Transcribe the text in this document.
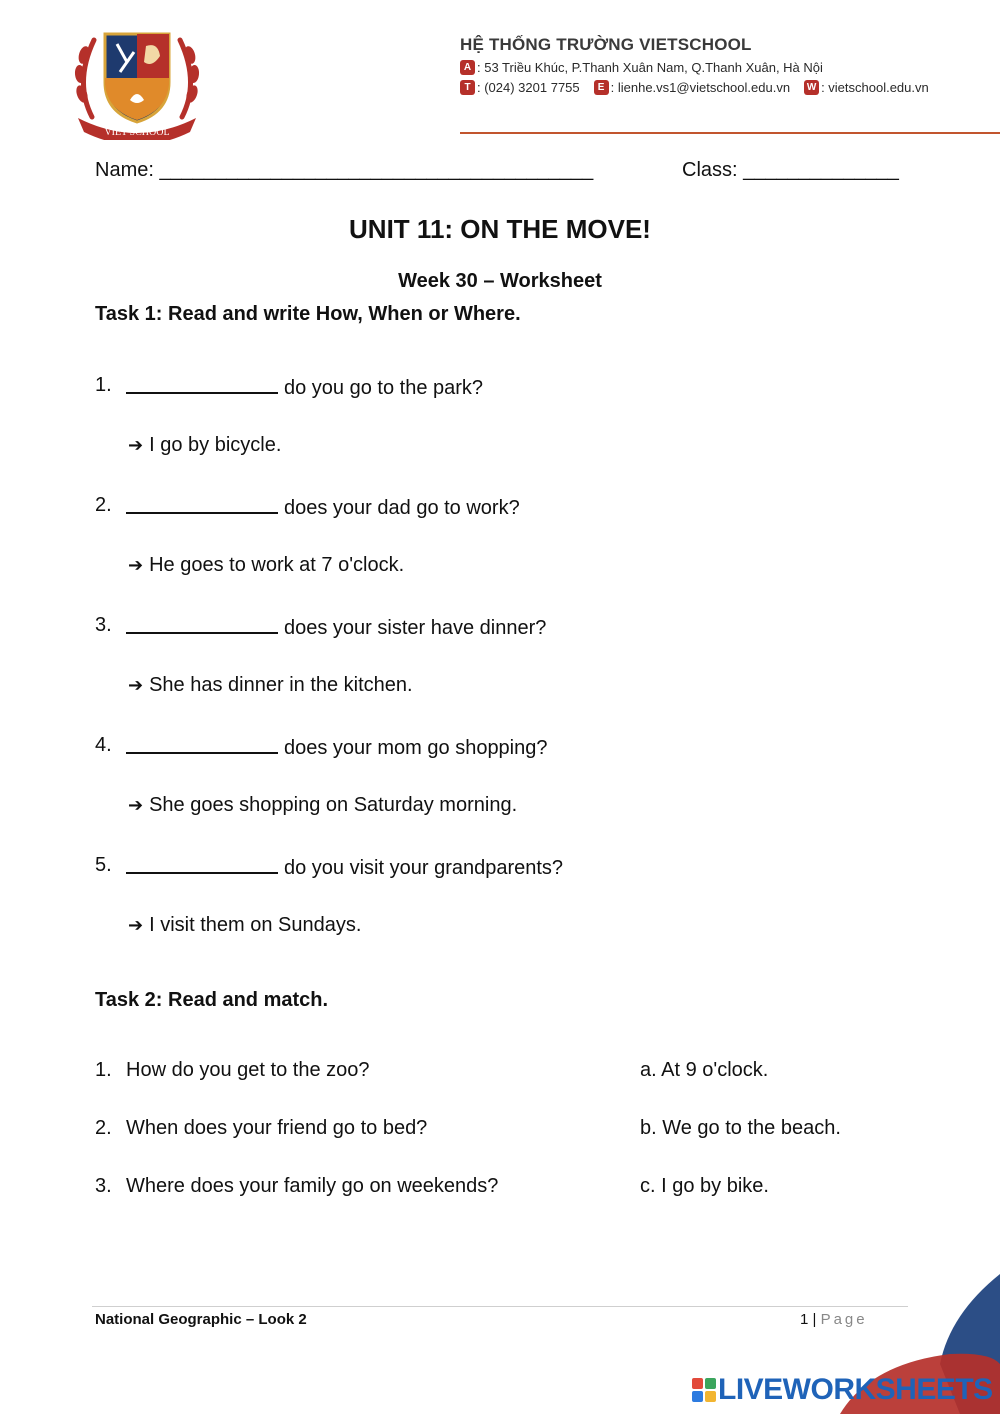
VIET SCHOOL
HỆ THỐNG TRƯỜNG VIETSCHOOL
A : 53 Triều Khúc, P.Thanh Xuân Nam, Q.Thanh Xuân, Hà Nội
T : (024) 3201 7755	E : lienhe.vs1@vietschool.edu.vn W : vietschool.edu.vn
Name: _______________________________________	Class: ______________
UNIT 11: ON THE MOVE!
Week 30 – Worksheet
Task 1: Read and write How, When or Where.
1.	do you go to the park?
➔ I go by bicycle.
2.	does your dad go to work?
➔ He goes to work at 7 o'clock.
3.	does your sister have dinner?
➔ She has dinner in the kitchen.
4.	does your mom go shopping?
➔ She goes shopping on Saturday morning.
5.	do you visit your grandparents?
➔ I visit them on Sundays.
Task 2: Read and match.
1. How do you get to the zoo?	a. At 9 o'clock.
2. When does your friend go to bed?	b. We go to the beach.
3. Where does your family go on weekends?	c. I go by bike.
National Geographic – Look 2	1 | Page
LIVEWORKSHEETS
